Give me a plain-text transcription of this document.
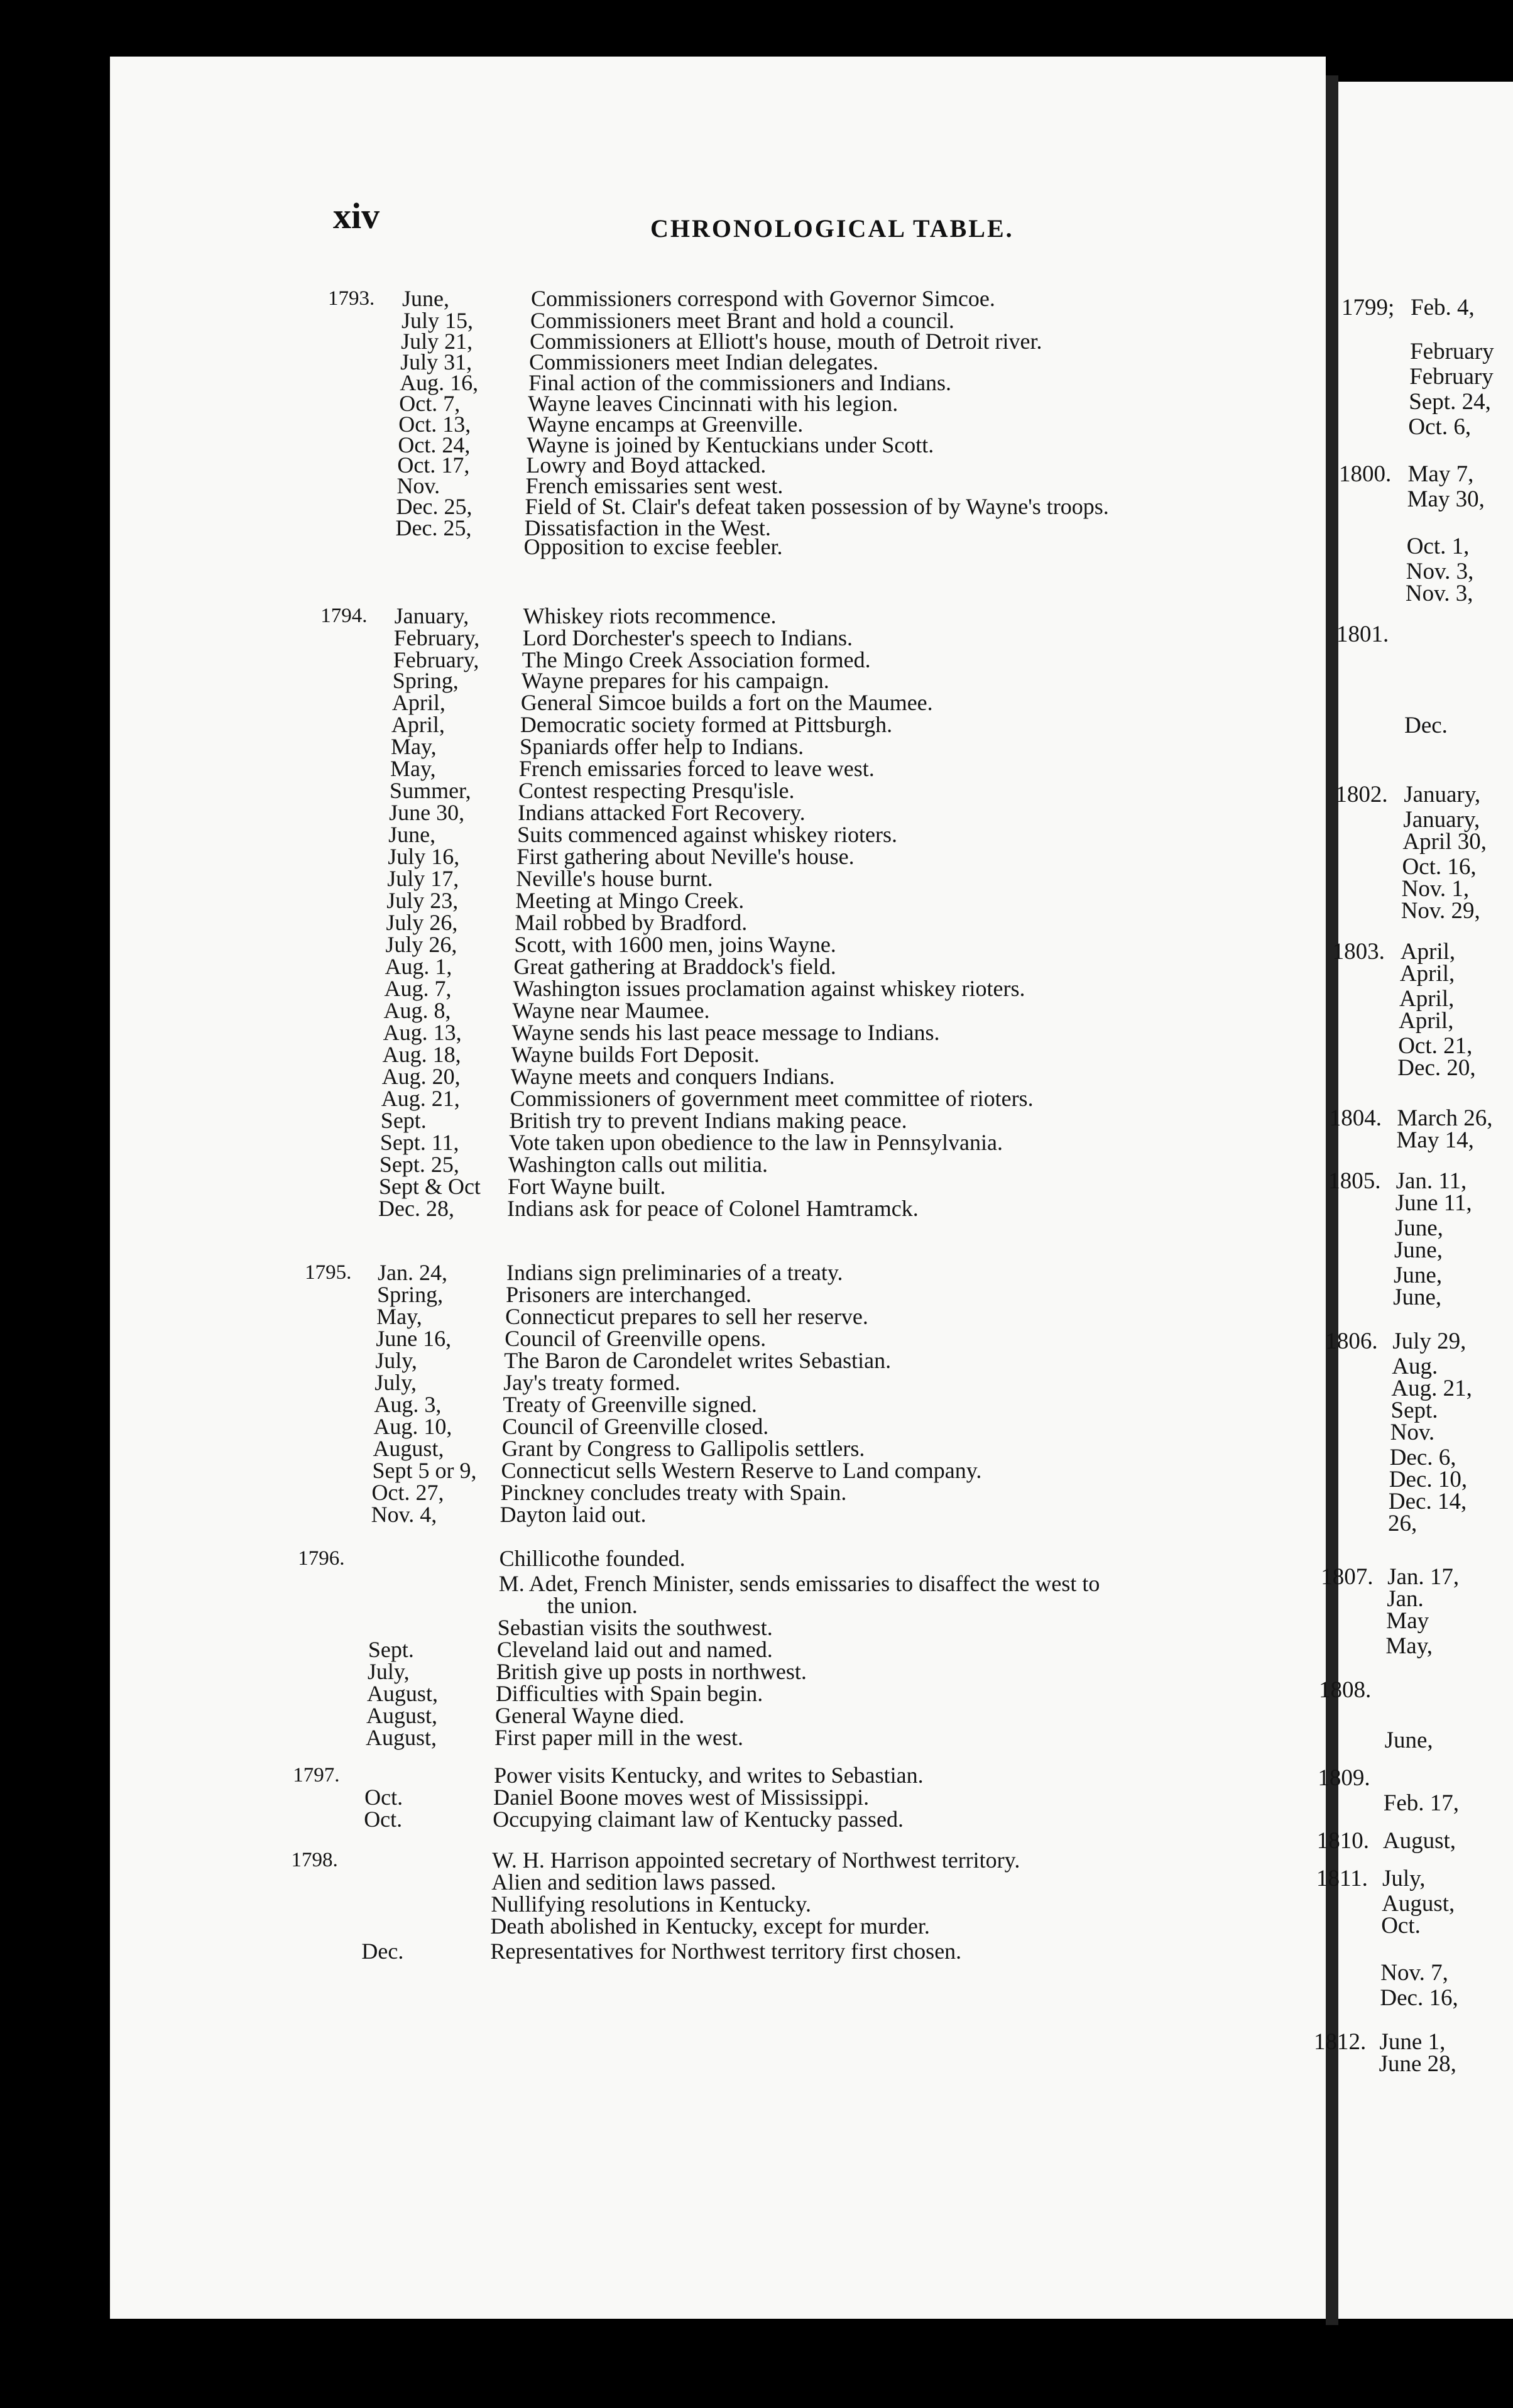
xiv	CHRONOLOGICAL TABLE.
1793. June,	Commissioners correspond with Governor Simcoe.
July 15,	Commissioners meet Brant and hold a council.
July 21,	Commissioners at Elliott's house, mouth of Detroit river.
July 31,	Commissioners meet Indian delegates.
Aug. 16, Final action of the commissioners and Indians.
Oct. 7,	Wayne leaves Cincinnati with his legion.
Oct. 13,	Wayne encamps at Greenville.
Oct. 24,	Wayne is joined by Kentuckians under Scott.
Oct. 17,	Lowry and Boyd attacked.
Nov.	French emissaries sent west.
Dec. 25, Field of St. Clair's defeat taken possession of by Wayne's troops.
Dec. 25, Dissatisfaction in the West.
Opposition to excise feebler.
1794. January, Whiskey riots recommence.
February, Lord Dorchester's speech to Indians.
February, The Mingo Creek Association formed.
Spring,	Wayne prepares for his campaign.
April,	General Simcoe builds a fort on the Maumee.
April,	Democratic society formed at Pittsburgh.
May,	Spaniards offer help to Indians.
May,	French emissaries forced to leave west.
Summer, Contest respecting Presqu'isle.
June 30, Indians attacked Fort Recovery.
June,	Suits commenced against whiskey rioters.
July 16,	First gathering about Neville's house.
July 17,	Neville's house burnt.
July 23,	Meeting at Mingo Creek.
July 26,	Mail robbed by Bradford.
July 26,	Scott, with 1600 men, joins Wayne.
Aug. 1,	Great gathering at Braddock's field.
Aug. 7,	Washington issues proclamation against whiskey rioters.
Aug. 8,	Wayne near Maumee.
Aug. 13, Wayne sends his last peace message to Indians.
Aug. 18, Wayne builds Fort Deposit.
Aug. 20, Wayne meets and conquers Indians.
Aug. 21, Commissioners of government meet committee of rioters.
Sept.	British try to prevent Indians making peace.
Sept. 11, Vote taken upon obedience to the law in Pennsylvania.
Sept. 25, Washington calls out militia.
Sept & Oct Fort Wayne built.
Dec. 28, Indians ask for peace of Colonel Hamtramck.
1795. Jan. 24,	Indians sign preliminaries of a treaty.
Spring,	Prisoners are interchanged.
May,	Connecticut prepares to sell her reserve.
June 16, Council of Greenville opens.
July,	The Baron de Carondelet writes Sebastian.
July,	Jay's treaty formed.
Aug. 3,	Treaty of Greenville signed.
Aug. 10, Council of Greenville closed.
August,	Grant by Congress to Gallipolis settlers.
Sept 5 or 9, Connecticut sells Western Reserve to Land company.
Oct. 27,	Pinckney concludes treaty with Spain.
Nov. 4,	Dayton laid out.
1796.	Chillicothe founded.
M. Adet, French Minister, sends emissaries to disaffect the west to
the union.
Sebastian visits the southwest.
Sept.	Cleveland laid out and named.
July,	British give up posts in northwest.
August,	Difficulties with Spain begin.
August,	General Wayne died.
August,	First paper mill in the west.
1797.	Power visits Kentucky, and writes to Sebastian.
Oct.	Daniel Boone moves west of Mississippi.
Oct.	Occupying claimant law of Kentucky passed.
1798.	W. H. Harrison appointed secretary of Northwest territory.
Alien and sedition laws passed.
Nullifying resolutions in Kentucky.
Death abolished in Kentucky, except for murder.
Dec.	Representatives for Northwest territory first chosen.
1799; Feb. 4,
February
February
Sept. 24,
Oct. 6,
1800. May 7,
May 30,
Oct. 1,
Nov. 3,
Nov. 3,
1801.
Dec.
1802. January,
January,
April 30,
Oct. 16,
Nov. 1,
Nov. 29,
1803. April,
April,
April,
April,
Oct. 21,
Dec. 20,
1804. March 26,
May 14,
1805. Jan. 11,
June 11,
June,
June,
June,
June,
1806. July 29,
Aug.
Aug. 21,
Sept.
Nov.
Dec. 6,
Dec. 10,
Dec. 14,
26,
1807. Jan. 17,
Jan.
May
May,
1808.
June,
1809.
Feb. 17,
1810. August,
1811. July,
August,
Oct.
Nov. 7,
Dec. 16,
1812. June 1,
June 28,
